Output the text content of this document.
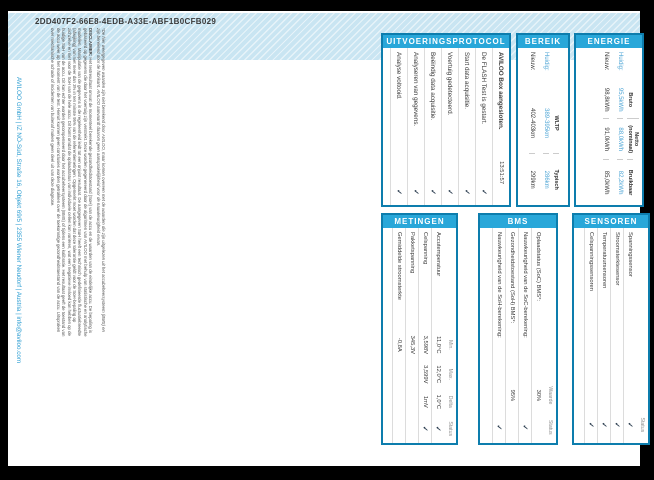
2DD407F2-66E8-4EDB-A33E-ABF1B0CFB029
AVILOO GmbH | IZ NÖ-Süd, Straße 16, Objekt 69/5 | 2355 Wiener Neudorf | Austria | info@aviloo.com	*De hier weergegeven waarden zijn niet berekend door AVILOO, maar komen overeen met de waarden die zijn uitgelezen uit het accubeheersysteem (BMS) en zijn berekend door de fabrikant. AVILOO aanvaardt daarom geen aansprakelijkheid voor de nauwkeurigheid ervan.

DISCLAIMER: Het testresultaat omvat de momenteel berekende gezondheidstoestand (SoH) van de accu en de waarden van de eindelijke accu. De bepaling is gebaseerd op gegevens die door het voertuig zijn verstrekt. Deze worden gegenereerd door de algoritmen van AVILOO met behulp van statistische en analytische modellen. Manipulatie van de gegevens in de regeleenheid leidt tot een onjuist resultaat. De aangegeven SoH heeft een technisch gedefinieerde fluctuatiebreedte (afwijking) van niet meer dan 3% in ten minste 95% van de referentiemetingen. Opgemerkt moet worden dat deze tolerantie geldt voor de SoH-bepaling op zichzelve en niet voor de SoH van de hele accu. Dit komt omdat de oplaadstatus van individuele cellen kan variëren, wat een negatieve invloed kan hebben op de huidige SoH van de accu. Dit kan echter worden gecompenseerd door het accubeheersysteem (BMS) of tijdens een kalibratie. Het resultaat geeft de toestand van de accu weer op het moment van de test. Hieruit kunnen geen conclusies worden getrokken over de toekomstige gezondheidstoestand van de accu. Uitspraken over mechanische schade of incidenten van buitenaf maken geen deel uit van deze diagnose.	UITVOERINGSPROTOCOL
AVILOO Box aangesloten.
13:51:57
De FLASH Test is gestart.
✓
Start data acquisitie.
✓
Voertuig gedetecteerd.
✓
Beëindig data acquisitie.
✓
Analyseren van gegevens.
✓
Analyse voltooid.
✓
BEREIK
WLTP
Typisch
Huidig:
389-395km
286km
Nieuw:
402-403km
299km
ENERGIE
Bruto
Netto (nominaal)
Bruikbaar
Huidig:
95,5kWh
88,0kWh
82,2kWh
Nieuw:
98,8kWh
91,0kWh
85,0kWh
METINGEN
Min.
Max.
Delta
Status
Accutemperatuur
11,0°C
12,0°C
1,0°C
✓
Celspanning
3,598V
3,599V
1mV
✓
Pakketspanning
345,3V
Gemiddelde stroomsterkte
-0,8A
BMS
Waarde
Status
Oplaadstatus (SoC) BMS*:
30%
Nauwkeurigheid van de SoC-berekening:
✓
Gezondheidstoestand (SoH) BMS*:
95%
Nauwkeurigheid van de SoH-berekening:
✓
SENSOREN
Status
Spanningssensor
✓
Stroomsterktesensor
✓
Temperatuursensoren
✓
Celspanningssensoren
✓
